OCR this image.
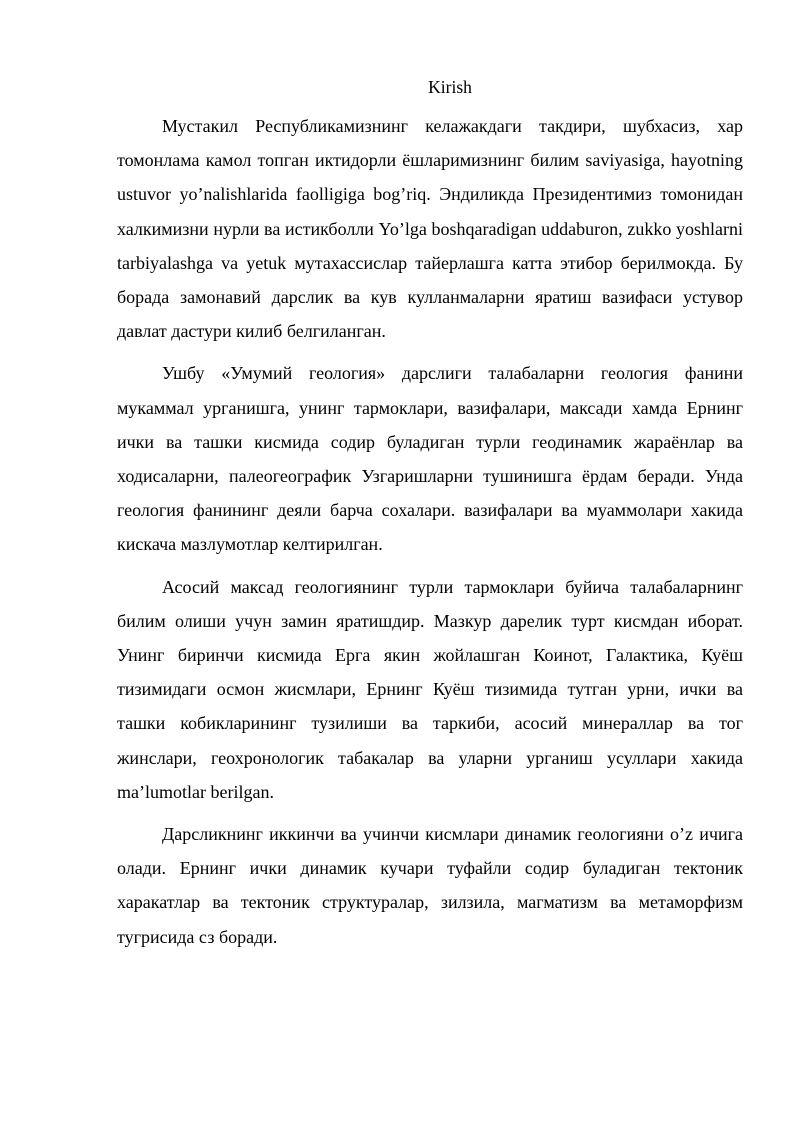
Kirish

Мустакил Республикамизнинг келажакдаги такдири, шубхасиз, хар томонлама камол топган иктидорли ёшларимизнинг билим saviyasiga, hayotning ustuvor yo’nalishlarida faolligiga bog’riq. Эндиликда Президентимиз томонидан халкимизни нурли ва истикболли Yo’lga boshqaradigan uddaburon, zukko yoshlarni tarbiyalashga va yetuk мутахассислар тайерлашга катта этибор берилмокда. Бу борада замонавий дарслик ва кув кулланмаларни яратиш вазифаси устувор давлат дастури килиб белгиланган.

Ушбу «Умумий геология» дарслиги талабаларни геология фанини мукаммал урганишга, унинг тармоклари, вазифалари, максади хамда Ернинг ички ва ташки кисмида содир буладиган турли геодинамик жараёнлар ва ходисаларни, палеогеографик Узгаришларни тушинишга ёрдам беради. Унда геология фанининг деяли барча сохалари. вазифалари ва муаммолари хакида кискача мазлумотлар келтирилган.

Асосий максад геологиянинг турли тармоклари буйича талабаларнинг билим олиши учун замин яратишдир. Мазкур дарелик турт кисмдан иборат. Унинг биринчи кисмида Ерга якин жойлашган Коинот, Галактика, Куёш тизимидаги осмон жисмлари, Ернинг Куёш тизимида тутган урни, ички ва ташки кобикларининг тузилиши ва таркиби, асосий минераллар ва тог жинслари, геохронологик табакалар ва уларни урганиш усуллари хакида ma’lumotlar berilgan.

Дарсликнинг иккинчи ва учинчи кисмлари динамик геологияни o’z ичига олади. Ернинг ички динамик кучари туфайли содир буладиган тектоник харакатлар ва тектоник структуралар, зилзила, магматизм ва метаморфизм тугрисида сз боради.
